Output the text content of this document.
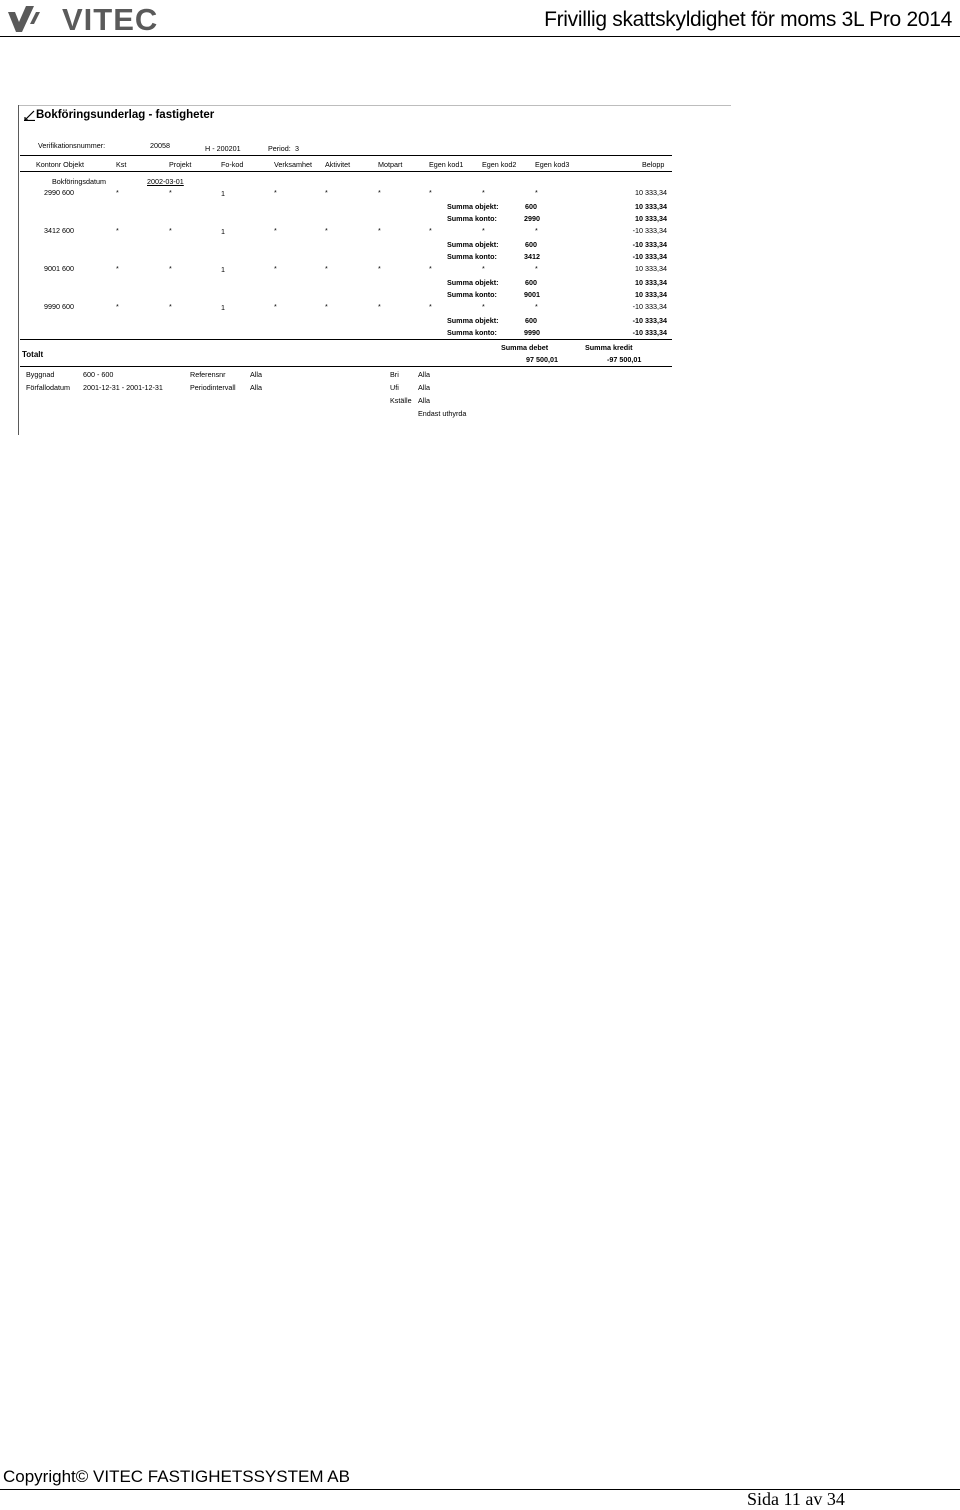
VITEC	Frivillig skattskyldighet för moms 3L Pro 2014
Bokföringsunderlag - fastigheter
Verifikationsnummer:	20058	H - 200201	Period: 3
Kontonr Objekt	Kst	Projekt	Fo-kod	Verksamhet Aktivitet	Motpart	Egen kod1	Egen kod2	Egen kod3	Belopp
Bokföringsdatum	2002-03-01
2990 600	*	*	1	*	*	*	*	*	*	10 333,34
Summa objekt:	600	10 333,34
Summa konto:	2990	10 333,34
3412 600	*	*	1	*	*	*	*	*	*	-10 333,34
Summa objekt:	600	-10 333,34
Summa konto:	3412	-10 333,34
9001 600	*	*	1	*	*	*	*	*	*	10 333,34
Summa objekt:	600	10 333,34
Summa konto:	9001	10 333,34
9990 600	*	*	1	*	*	*	*	*	*	-10 333,34
Summa objekt:	600	-10 333,34
Summa konto:	9990	-10 333,34
Totalt
Summa debet	Summa kredit
97 500,01	-97 500,01
Byggnad	600 - 600	Referensnr	Alla	Bri	Alla
Förfallodatum 2001-12-31 - 2001-12-31	Periodintervall Alla	Ufi	Alla
Kställe Alla
Endast uthyrda
Copyright© VITEC FASTIGHETSSYSTEM AB
Sida 11 av 34
